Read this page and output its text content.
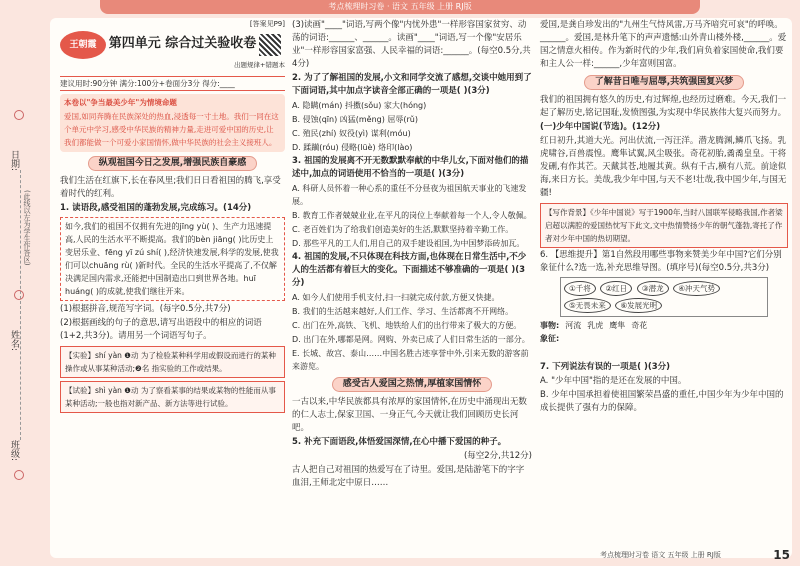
考点梳理时习卷 · 语文 五年级 上册 RJ版
日期:
姓名:
班级:
(此线以左为学生作答区)
[答案见P9]
王朝霞 第四单元 综合过关验收卷
出题规律+错题本
建议用时:90分钟 满分:100分+卷面分3分 得分:____
本卷以"争当最美少年"为情境命题

爱国,如同奔腾在民族深处的热血,浸透每一寸土地。我们一同在这个单元中学习,感受中华民族的精神力量,走进可爱中国的历史,让我们都能做一个可爱小家国情怀,做中华民族的社会主义接班人。

纵观祖国今日之发展,增强民族自豪感

我们生活在红旗下,长在春风里;我们日日看祖国的腾飞,享受着时代的红利。

1. 读语段,感受祖国的蓬勃发展,完成练习。(14分)

如今,我们的祖国不仅拥有先进的jīng yù( )、生产力迅速提高,人民的生活水平不断提高。我们的bèn jiāng( )比历史上变居乐业、fēng yī zú shí( ),经济快速发展,科学的发展,使我们可以chuāng rù( )新时代。全民的生活水平提高了,不仅解决满足国内需求,还能把中国制造出口到世界各地。huī huáng( )的成就,使我们继往开来。

(1)根据拼音,规范写字词。(每字0.5分,共7分)

(2)根据画线的句子的意思,请写出语段中的相应的词语(1+2,共3分)。请用另一个词语写句子。

【实验】shí yàn ❶动 为了检验某种科学用或假设而进行的某种操作或从事某种活动;❷名 指实验的工作或结果。
【试验】shì yàn ❶动 为了察看某事的结果或某物的性能而从事某种活动;一般也指对新产品、新方法等进行试验。

(3)读画"____"词语,写两个像"内忧外患"一样形容国家贫穷、动荡的词语:______、______。读画"____"词语,写一个像"安居乐业"一样形容国家富强、人民幸福的词语:______。(每空0.5分,共4分)

2. 为了了解祖国的发展,小文和同学交流了感想,交谈中她用到了下面词语,其中加点字读音全部正确的一项是( )(3分)

A. 隐瞒(mán) 抖擞(sǒu) 家大(hóng)

B. 侵蚀(qīn) 凶猛(měng) 屈辱(rǔ)

C. 殖民(zhí) 奴役(yì) 谋利(móu)

D. 蹂躏(róu) 侵略(lüè) 烙印(lào)

3. 祖国的发展离不开无数默默奉献的中华儿女,下面对他们的描述中,加点的词语使用不恰当的一项是( )(3分)

A. 科研人员怀着一种心系的重任不分昼夜为祖国航天事业的飞速发展。

B. 教育工作者兢兢业业,在平凡的岗位上奉献着每一个人,令人敬佩。

C. 老百姓们为了给我们创造美好的生活,默默坚持着辛勤工作。

D. 那些平凡的工人们,用自己的双手建设祖国,为中国梦添砖加瓦。

4. 祖国的发展,不只体现在科技方面,也体现在日常生活中,不少人的生活都有着巨大的变化。下面描述不够准确的一项是( )(3分)

A. 如今人们使用手机支付,扫一扫就完成付款,方便又快捷。

B. 我们的生活越来越好,人们工作、学习、生活都离不开网络。

C. 出门在外,高铁、飞机、地铁给人们的出行带来了极大的方便。

D. 出门在外,哪都是网。网购、外卖已成了人们日常生活的一部分。

E. 长城、故宫、泰山……中国名胜古迹享誉中外,引来无数的游客前来游览。

感受古人爱国之热情,厚植家国情怀

一古以来,中华民族都具有浓厚的家国情怀,在历史中涌现出无数的仁人志士,保家卫国、一身正气,今天就让我们回顾历史长河吧。

5. 补充下面语段,体悟爱国深情,在心中播下爱国的种子。

(每空2分,共12分)

古人把自己对祖国的热爱写在了诗里。爱国,是陆游笔下的字字血泪,王师北定中原日……

爱国,是龚自珍发出的"九州生气恃风雷,万马齐喑究可哀"的呼唤。______。爱国,是林升笔下的声声遗憾:山外青山楼外楼,______。爱国之情意火相传。作为新时代的少年,我们肩负着家国使命,我们要和主人公一样:______,少年富则国富。

了解昔日唯与屈辱,共筑强国复兴梦

我们的祖国拥有悠久的历史,有过辉煌,也经历过磨难。今天,我们一起了解历史,铭记国耻,发愤图强,为实现中华民族伟大复兴而努力。

(一)少年中国说(节选)。(12分)

红日初升,其道大光。河出伏流,一泻汪洋。潜龙腾渊,鳞爪飞扬。乳虎啸谷,百兽震惶。鹰隼试翼,风尘吸张。奇花初胎,矞矞皇皇。干将发硎,有作其芒。天戴其苍,地履其黄。纵有千古,横有八荒。前途似海,来日方长。美哉,我少年中国,与天不老!壮哉,我中国少年,与国无疆!

【写作背景】《少年中国说》写于1900年,当时八国联军侵略我国,作者梁启超以满腔的爱国热忱写下此文,文中热情赞扬少年的朝气蓬勃,寄托了作者对少年中国的热切期望。

6. 【思维提升】第1自然段用哪些事物来赞美少年中国?它们分别象征什么?选一选,补充思维导图。(填序号)(每空0.5分,共3分)

①千将 ②红日 ③潜龙 ④冲天气势 ⑤无畏未来 ⑥发展光明
事物: 河流 乳虎 鹰隼 奇花
象征:

7. 下列说法有误的一项是( )(3分)

A. "少年中国"指的是还在发展的中国。

B. 少年中国承担着使祖国繁荣昌盛的重任,中国少年为少年中国的成长提供了强有力的保障。

考点梳理时习卷 语文 五年级 上册 RJ版	15
